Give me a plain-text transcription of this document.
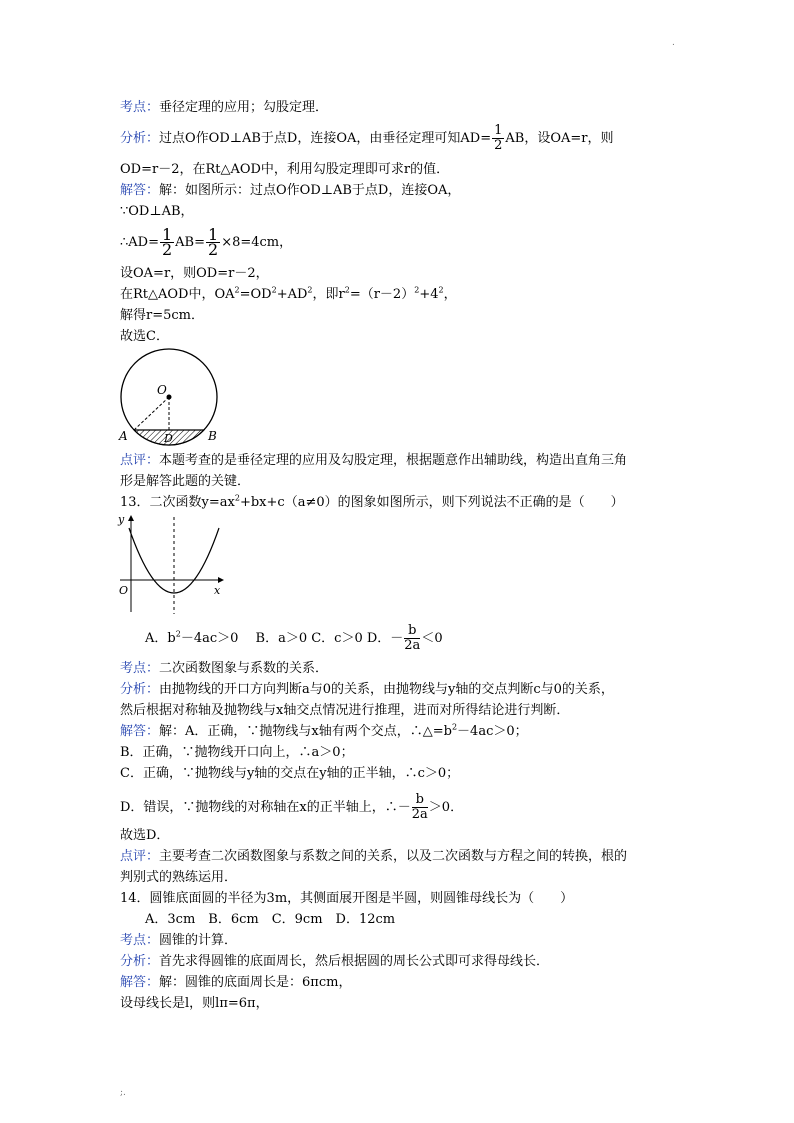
.
;.
考点：垂径定理的应用；勾股定理．
分析：过点O作OD⊥AB于点D，连接OA，由垂径定理可知$AD= \frac{1}{2}$ AB，设OA=r，则
OD=r－2，在Rt△AOD中，利用勾股定理即可求r的值．
解答：解：如图所示：过点O作OD⊥AB于点D，连接OA，
∵OD⊥AB，
∴AD= $\frac{1}{2} AB= \frac{1}{2} \times 8=4cm$，
设OA=r，则OD=r－2，
在Rt△AOD中，$OA^2=OD^2+AD^2$，即$r^2=(r-2)^2+4^2$，
解得r=5cm．
故选C．
O
A	B
D
点评：本题考查的是垂径定理的应用及勾股定理，根据题意作出辅助线，构造出直角三角
形是解答此题的关键．
13．二次函数$y=ax^2+bx+c(a\ne 0)$的图象如图所示，则下列说法不正确的是（　　）
y
x
O
A．$b^2-4ac>0$　 B．a＞0 C．c＞0 D．－ $\frac{b}{2a} <0$
考点：二次函数图象与系数的关系．
分析：由抛物线的开口方向判断a与0的关系，由抛物线与y轴的交点判断c与0的关系，
然后根据对称轴及抛物线与x轴交点情况进行推理，进而对所得结论进行判断．
解答：解：A．正确，∵抛物线与x轴有两个交点，$\therefore\triangle=b^2-4ac>0$；
B．正确，∵抛物线开口向上，∴a＞0；
C．正确，∵抛物线与y轴的交点在y轴的正半轴，∴c＞0；
D．错误，∵抛物线的对称轴在x的正半轴上，∴－ $\frac{b}{2a} >0$．
故选D．
点评：主要考查二次函数图象与系数之间的关系，以及二次函数与方程之间的转换，根的
判别式的熟练运用．
14．圆锥底面圆的半径为3m，其侧面展开图是半圆，则圆锥母线长为（　　）
A．3cm　B．6cm　C．9cm　D．12cm
考点：圆锥的计算．
分析：首先求得圆锥的底面周长，然后根据圆的周长公式即可求得母线长．
解答：解：圆锥的底面周长是：6πcm，
设母线长是l，则lπ=6π，
